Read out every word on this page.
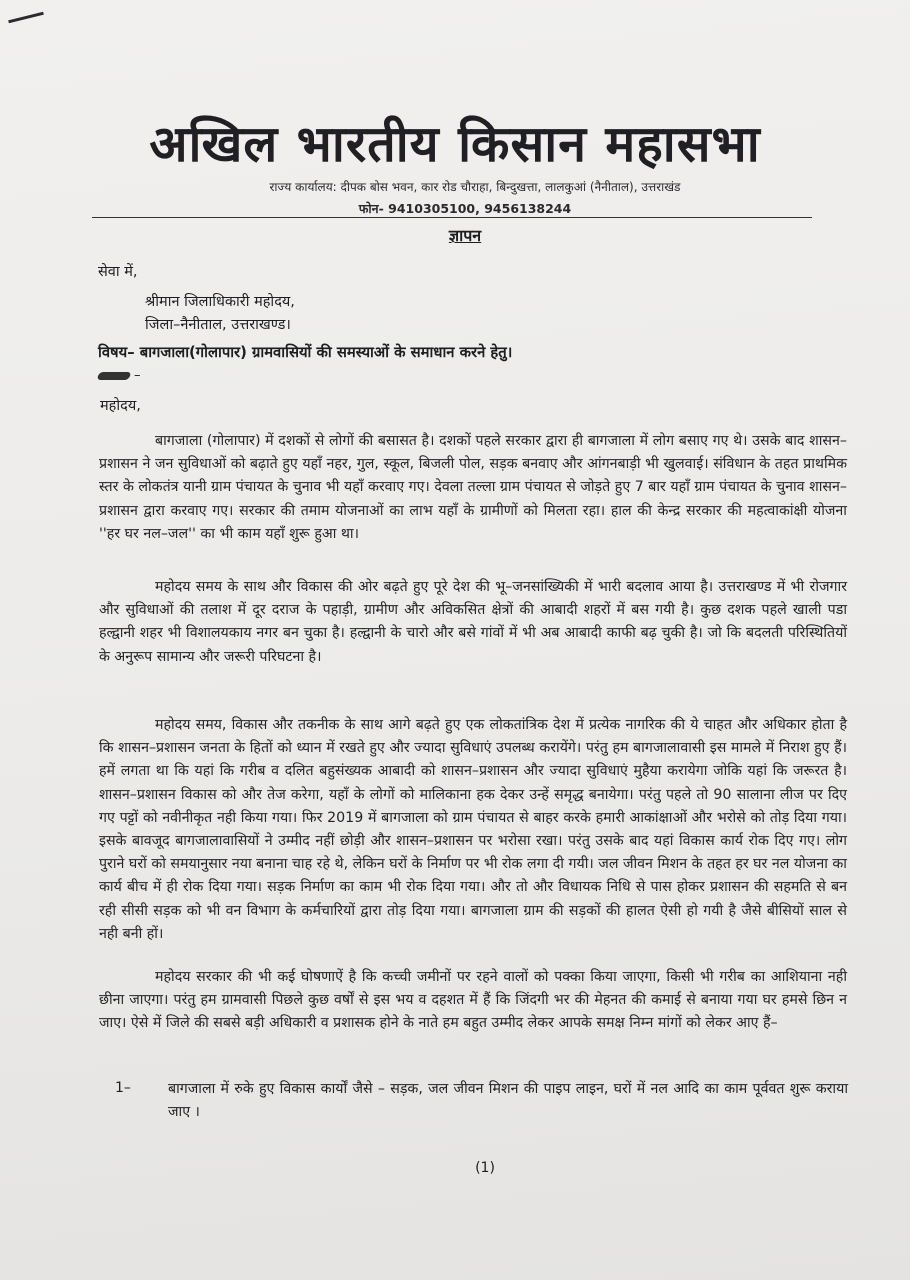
अखिल भारतीय किसान महासभा
राज्य कार्यालय: दीपक बोस भवन, कार रोड चौराहा, बिन्दुखत्ता, लालकुआं (नैनीताल), उत्तराखंड
फोन- 9410305100, 9456138244
ज्ञापन
सेवा में,
श्रीमान जिलाधिकारी महोदय,
जिला–नैनीताल, उत्तराखण्ड।
विषय– बागजाला(गोलापार) ग्रामवासियों की समस्याओं के समाधान करने हेतु।
–
महोदय,
बागजाला (गोलापार) में दशकों से लोगों की बसासत है। दशकों पहले सरकार द्वारा ही बागजाला में लोग बसाए गए थे। उसके बाद शासन–प्रशासन ने जन सुविधाओं को बढ़ाते हुए यहाँ नहर, गुल, स्कूल, बिजली पोल, सड़क बनवाए और आंगनबाड़ी भी खुलवाई। संविधान के तहत प्राथमिक स्तर के लोकतंत्र यानी ग्राम पंचायत के चुनाव भी यहाँ करवाए गए। देवला तल्ला ग्राम पंचायत से जोड़ते हुए 7 बार यहाँ ग्राम पंचायत के चुनाव शासन–प्रशासन द्वारा करवाए गए। सरकार की तमाम योजनाओं का लाभ यहाँ के ग्रामीणों को मिलता रहा। हाल की केन्द्र सरकार की महत्वाकांक्षी योजना ''हर घर नल–जल'' का भी काम यहाँ शुरू हुआ था।
महोदय समय के साथ और विकास की ओर बढ़ते हुए पूरे देश की भू–जनसांख्यिकी में भारी बदलाव आया है। उत्तराखण्ड में भी रोजगार और सुविधाओं की तलाश में दूर दराज के पहाड़ी, ग्रामीण और अविकसित क्षेत्रों की आबादी शहरों में बस गयी है। कुछ दशक पहले खाली पडा हल्द्वानी शहर भी विशालयकाय नगर बन चुका है। हल्द्वानी के चारो और बसे गांवों में भी अब आबादी काफी बढ़ चुकी है। जो कि बदलती परिस्थितियों के अनुरूप सामान्य और जरूरी परिघटना है।
महोदय समय, विकास और तकनीक के साथ आगे बढ़ते हुए एक लोकतांत्रिक देश में प्रत्येक नागरिक की ये चाहत और अधिकार होता है कि शासन–प्रशासन जनता के हितों को ध्यान में रखते हुए और ज्यादा सुविधाएं उपलब्ध करायेंगे। परंतु हम बागजालावासी इस मामले में निराश हुए हैं। हमें लगता था कि यहां कि गरीब व दलित बहुसंख्यक आबादी को शासन–प्रशासन और ज्यादा सुविधाएं मुहैया करायेगा जोकि यहां कि जरूरत है। शासन–प्रशासन विकास को और तेज करेगा, यहाँ के लोगों को मालिकाना हक देकर उन्हें समृद्ध बनायेगा। परंतु पहले तो 90 सालाना लीज पर दिए गए पट्टों को नवीनीकृत नही किया गया। फिर 2019 में बागजाला को ग्राम पंचायत से बाहर करके हमारी आकांक्षाओं और भरोसे को तोड़ दिया गया। इसके बावजूद बागजालावासियों ने उम्मीद नहीं छोड़ी और शासन–प्रशासन पर भरोसा रखा। परंतु उसके बाद यहां विकास कार्य रोक दिए गए। लोग पुराने घरों को समयानुसार नया बनाना चाह रहे थे, लेकिन घरों के निर्माण पर भी रोक लगा दी गयी। जल जीवन मिशन के तहत हर घर नल योजना का कार्य बीच में ही रोक दिया गया। सड़क निर्माण का काम भी रोक दिया गया। और तो और विधायक निधि से पास होकर प्रशासन की सहमति से बन रही सीसी सड़क को भी वन विभाग के कर्मचारियों द्वारा तोड़ दिया गया। बागजाला ग्राम की सड़कों की हालत ऐसी हो गयी है जैसे बीसियों साल से नही बनी हों।
महोदय सरकार की भी कई घोषणाऐं है कि कच्ची जमीनों पर रहने वालों को पक्का किया जाएगा, किसी भी गरीब का आशियाना नही छीना जाएगा। परंतु हम ग्रामवासी पिछले कुछ वर्षों से इस भय व दहशत में हैं कि जिंदगी भर की मेहनत की कमाई से बनाया गया घर हमसे छिन न जाए। ऐसे में जिले की सबसे बड़ी अधिकारी व प्रशासक होने के नाते हम बहुत उम्मीद लेकर आपके समक्ष निम्न मांगों को लेकर आए हैं–
1–	बागजाला में रुके हुए विकास कार्यों जैसे – सड़क, जल जीवन मिशन की पाइप लाइन, घरों में नल आदि का काम पूर्ववत शुरू कराया जाए ।
(1)
